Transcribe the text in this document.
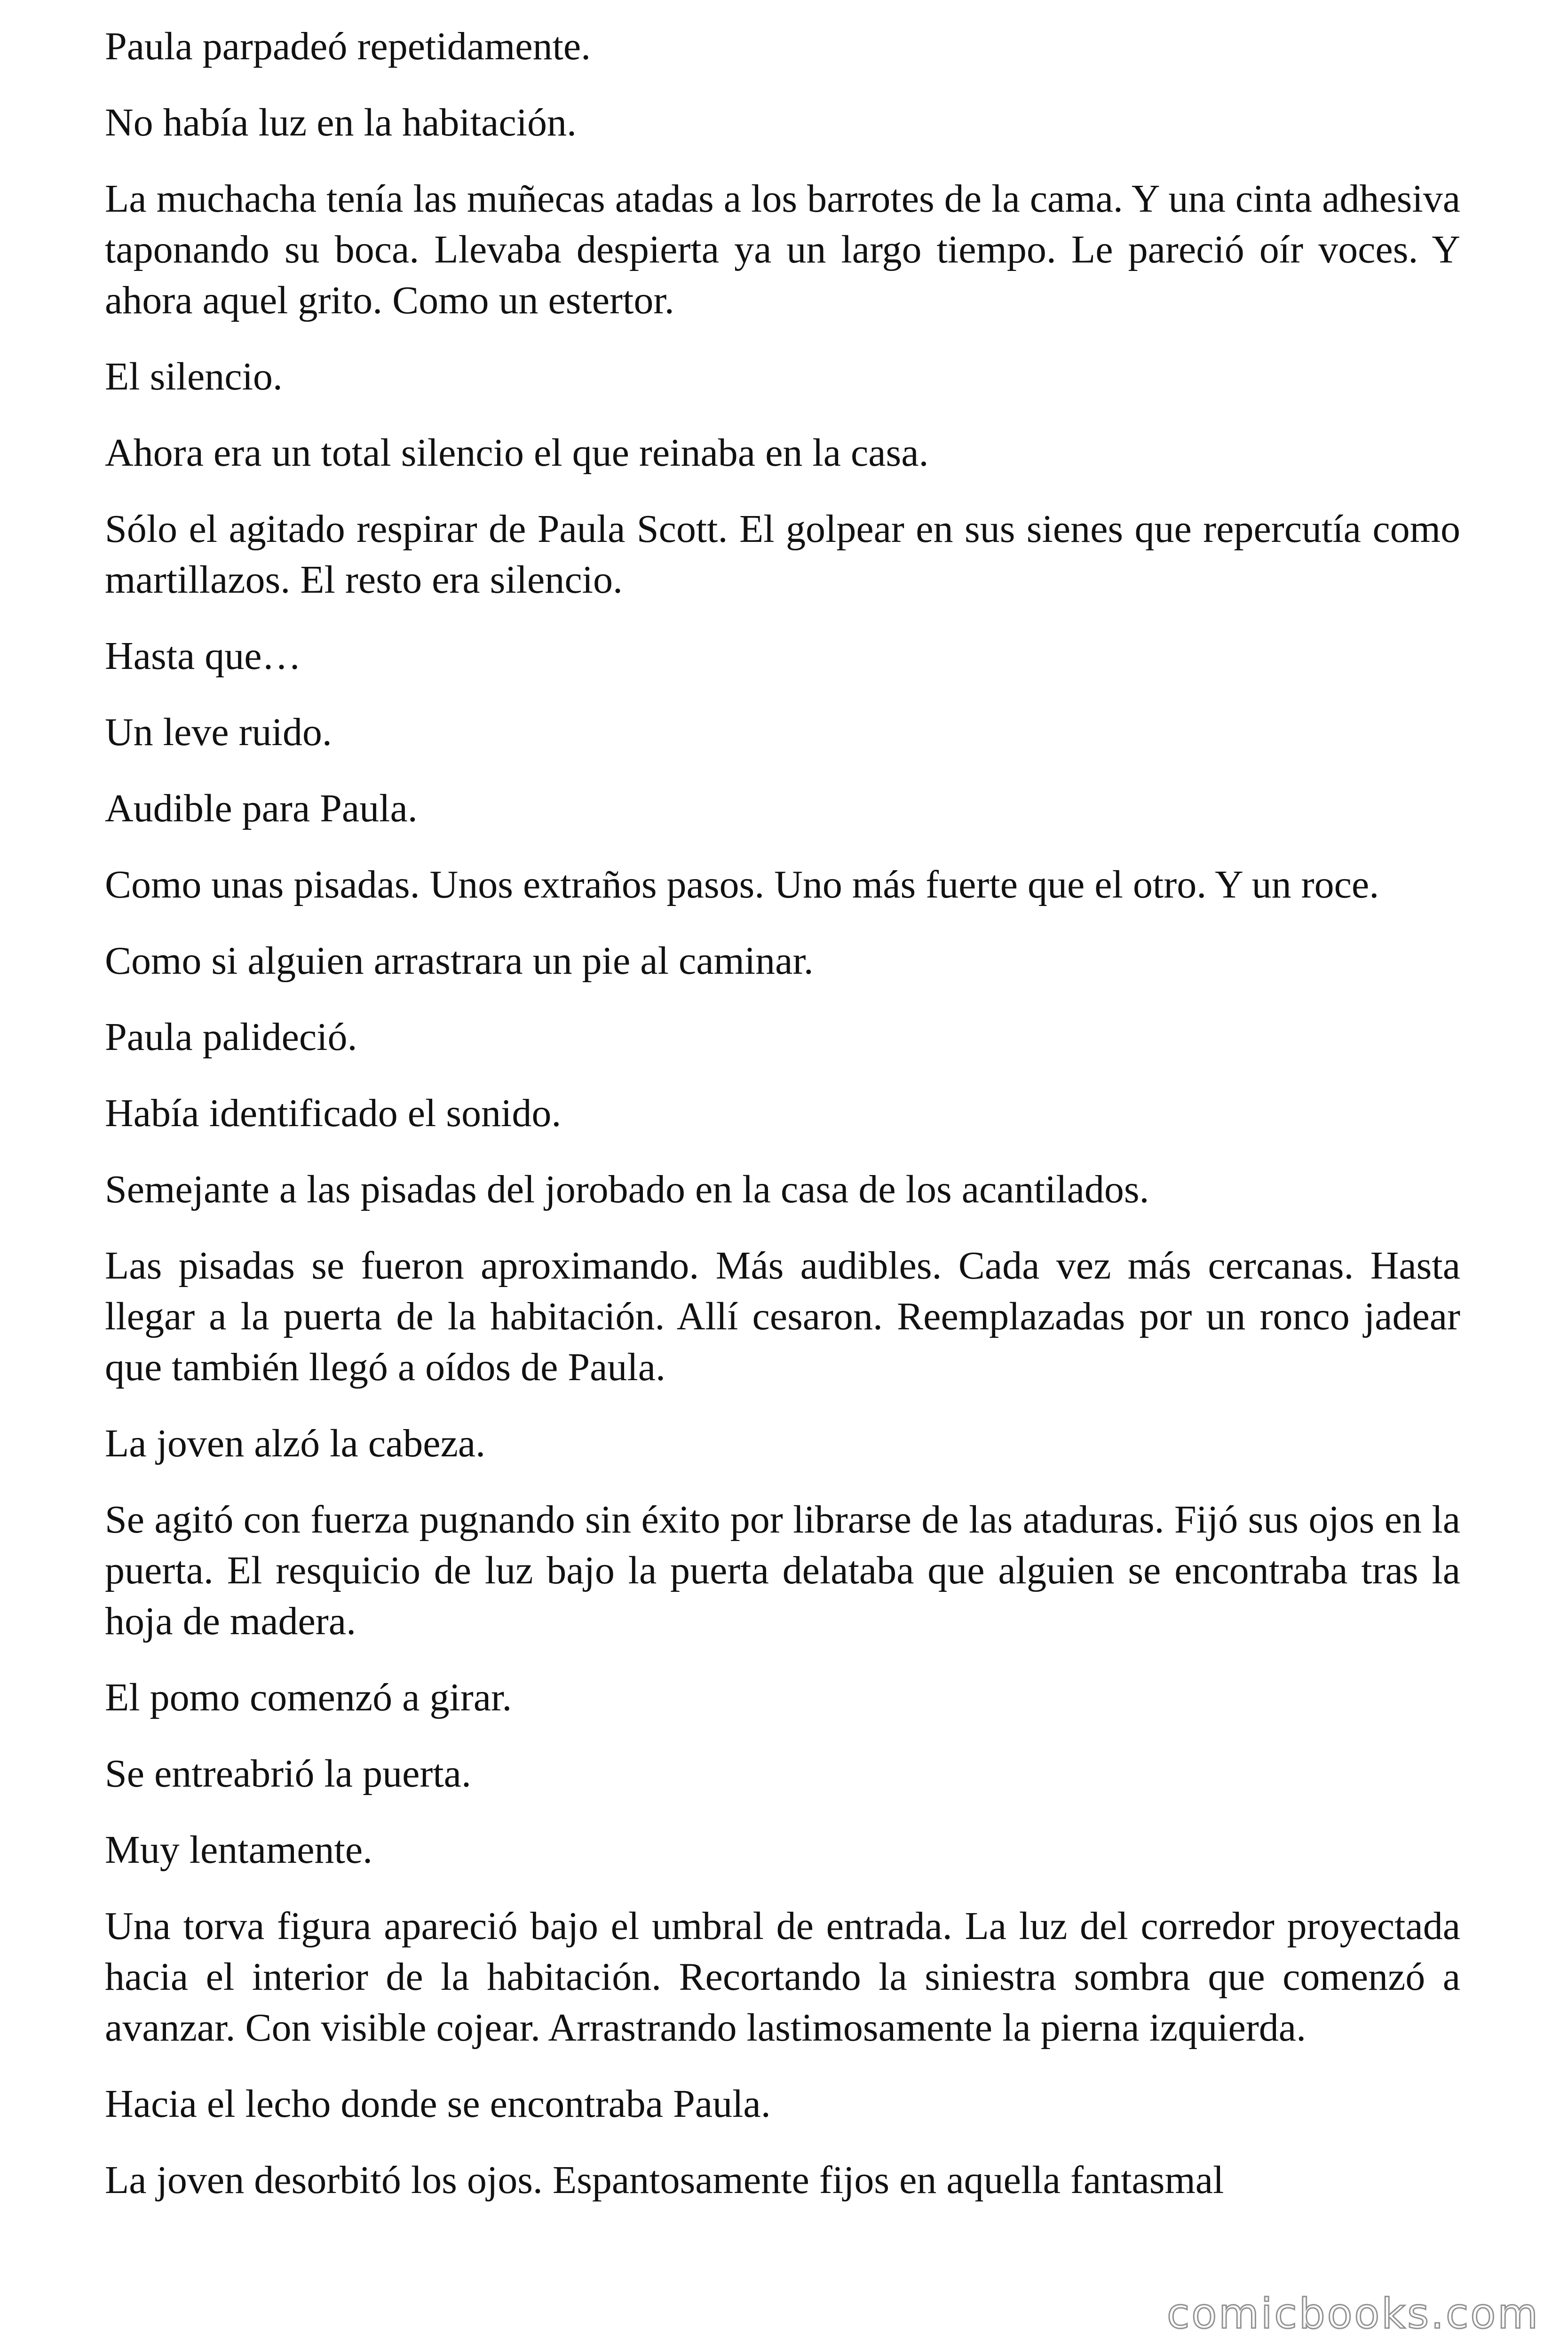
Paula parpadeó repetidamente.

No había luz en la habitación.

La muchacha tenía las muñecas atadas a los barrotes de la cama. Y una cinta adhesiva taponando su boca. Llevaba despierta ya un largo tiempo. Le pareció oír voces. Y ahora aquel grito. Como un estertor.

El silencio.

Ahora era un total silencio el que reinaba en la casa.

Sólo el agitado respirar de Paula Scott. El golpear en sus sienes que repercutía como martillazos. El resto era silencio.

Hasta que…

Un leve ruido.

Audible para Paula.

Como unas pisadas. Unos extraños pasos. Uno más fuerte que el otro. Y un roce.

Como si alguien arrastrara un pie al caminar.

Paula palideció.

Había identificado el sonido.

Semejante a las pisadas del jorobado en la casa de los acantilados.

Las pisadas se fueron aproximando. Más audibles. Cada vez más cercanas. Hasta llegar a la puerta de la habitación. Allí cesaron. Reemplazadas por un ronco jadear que también llegó a oídos de Paula.

La joven alzó la cabeza.

Se agitó con fuerza pugnando sin éxito por librarse de las ataduras. Fijó sus ojos en la puerta. El resquicio de luz bajo la puerta delataba que alguien se encontraba tras la hoja de madera.

El pomo comenzó a girar.

Se entreabrió la puerta.

Muy lentamente.

Una torva figura apareció bajo el umbral de entrada. La luz del corredor proyectada hacia el interior de la habitación. Recortando la siniestra sombra que comenzó a avanzar. Con visible cojear. Arrastrando lastimosamente la pierna izquierda.

Hacia el lecho donde se encontraba Paula.

La joven desorbitó los ojos. Espantosamente fijos en aquella fantasmal

comicbooks.com
